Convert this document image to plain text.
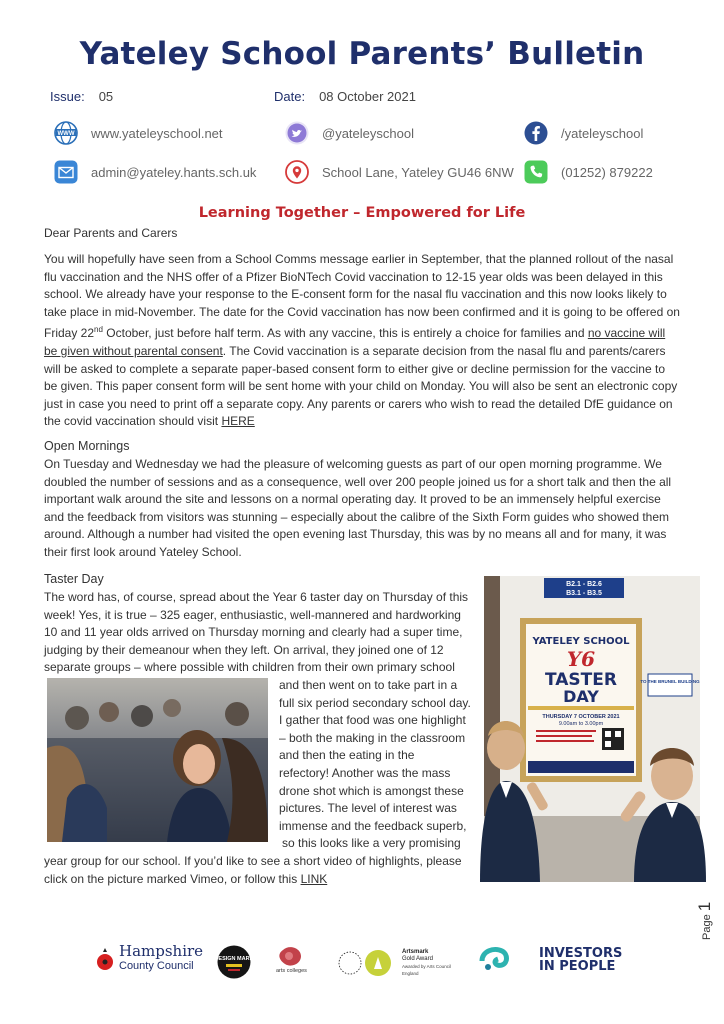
Yateley School Parents’ Bulletin
Issue: 05	Date: 08 October 2021
WWW www.yateleyschool.net	@yateleyschool	/yateleyschool
admin@yateley.hants.sch.uk	School Lane, Yateley GU46 6NW	(01252) 879222
Learning Together – Empowered for Life
Dear Parents and Carers

You will hopefully have seen from a School Comms message earlier in September, that the planned rollout of the nasal flu vaccination and the NHS offer of a Pfizer BioNTech Covid vaccination to 12-15 year olds was been delayed in this school. We already have your response to the E-consent form for the nasal flu vaccination and this now looks likely to take place in mid-November. The date for the Covid vaccination has now been confirmed and it is going to be offered on Friday 22nd October, just before half term. As with any vaccine, this is entirely a choice for families and no vaccine will be given without parental consent. The Covid vaccination is a separate decision from the nasal flu and parents/carers will be asked to complete a separate paper-based consent form to either give or decline permission for the vaccine to be given. This paper consent form will be sent home with your child on Monday. You will also be sent an electronic copy just in case you need to print off a separate copy. Any parents or carers who wish to read the detailed DfE guidance on the covid vaccination should visit HERE

Open Mornings

On Tuesday and Wednesday we had the pleasure of welcoming guests as part of our open morning programme. We doubled the number of sessions and as a consequence, well over 200 people joined us for a short talk and then the all important walk around the site and lessons on a normal operating day. It proved to be an immensely helpful exercise and the feedback from visitors was stunning – especially about the calibre of the Sixth Form guides who showed them around. Although a number had visited the open evening last Thursday, this was by no means all and for many, it was their first look around Yateley School.

Taster Day
The word has, of course, spread about the Year 6 taster day on Thursday of this
week! Yes, it is true – 325 eager, enthusiastic, well-mannered and hardworking
10 and 11 year olds arrived on Thursday morning and clearly had a super time,
judging by their demeanour when they left. On arrival, they joined one of 12
separate groups – where possible with children from their own primary school
and then went on to take part in a
full six period secondary school day.
I gather that food was one highlight
– both the making in the classroom
and then the eating in the
refectory! Another was the mass
drone shot which is amongst these
pictures. The level of interest was
immense and the feedback superb,
so this looks like a very promising
year group for our school. If you’d like to see a short video of highlights, please
click on the picture marked Vimeo, or follow this LINK
B2.1 - B2.6
B3.1 - B3.5
YATELEY SCHOOL
Y6
TASTER
DAY
THURSDAY 7 OCTOBER 2021
9.00am to 3.00pm
TO THE BRUNEL BUILDING
Hampshire
County Council
DESIGN MARK
arts colleges
Artsmark
Gold Award
Awarded by Arts Council England
INVESTORS
IN PEOPLE
Page 1
